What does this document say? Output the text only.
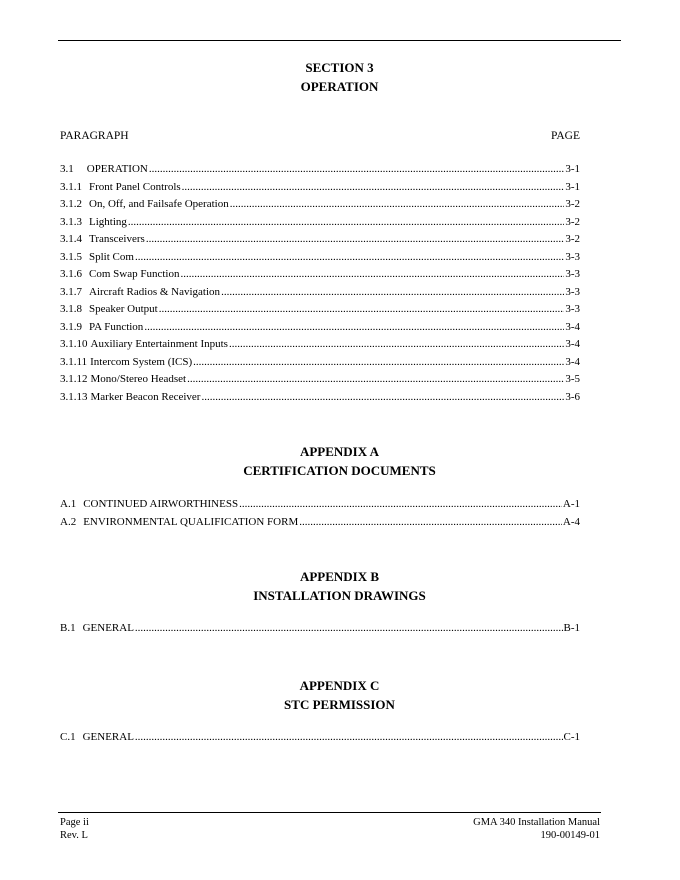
SECTION 3
OPERATION
PARAGRAPH	PAGE
3.1 OPERATION .....	3-1
3.1.1 Front Panel Controls .....	3-1
3.1.2 On, Off, and Failsafe Operation .....	3-2
3.1.3 Lighting .....	3-2
3.1.4 Transceivers .....	3-2
3.1.5 Split Com .....	3-3
3.1.6 Com Swap Function .....	3-3
3.1.7 Aircraft Radios & Navigation .....	3-3
3.1.8 Speaker Output .....	3-3
3.1.9 PA Function .....	3-4
3.1.10 Auxiliary Entertainment Inputs .....	3-4
3.1.11 Intercom System (ICS) .....	3-4
3.1.12 Mono/Stereo Headset .....	3-5
3.1.13 Marker Beacon Receiver .....	3-6
APPENDIX A
CERTIFICATION DOCUMENTS
A.1 CONTINUED AIRWORTHINESS .....	A-1
A.2 ENVIRONMENTAL QUALIFICATION FORM .....	A-4
APPENDIX B
INSTALLATION DRAWINGS
B.1 GENERAL .....	B-1
APPENDIX C
STC PERMISSION
C.1 GENERAL .....	C-1
Page ii
Rev. L
GMA 340 Installation Manual
190-00149-01
